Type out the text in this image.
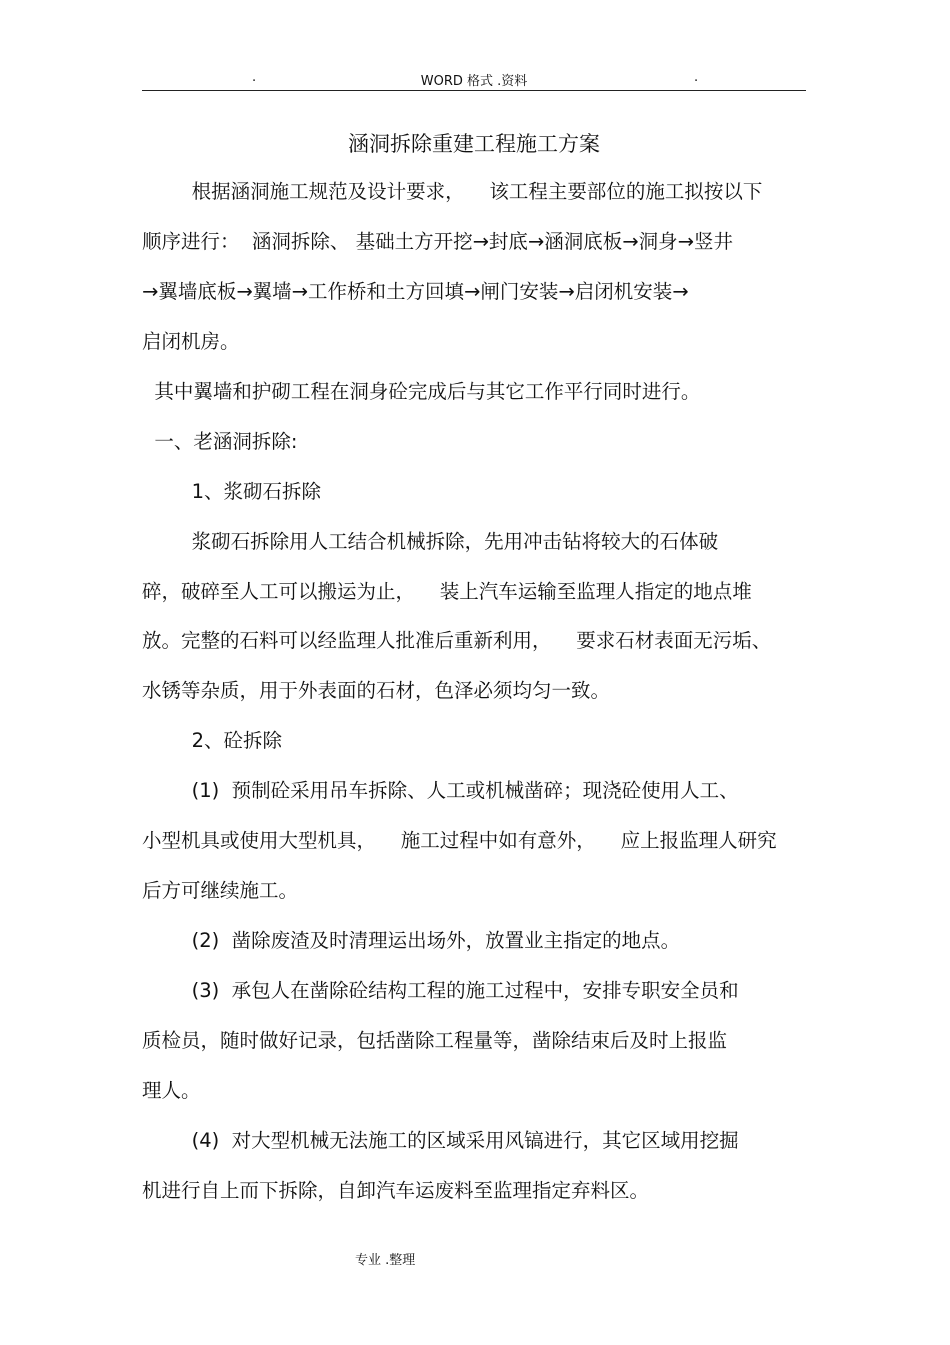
.	WORD 格式 .资料	.
涵洞拆除重建工程施工方案
根据涵洞施工规范及设计要求，    该工程主要部位的施工拟按以下
顺序进行：  涵洞拆除、 基础土方开挖→封底→涵洞底板→洞身→竖井
→翼墙底板→翼墙→工作桥和土方回填→闸门安装→启闭机安装→
启闭机房。
其中翼墙和护砌工程在洞身砼完成后与其它工作平行同时进行。
一、老涵洞拆除:
1、浆砌石拆除
浆砌石拆除用人工结合机械拆除，先用冲击钻将较大的石体破
碎，破碎至人工可以搬运为止，    装上汽车运输至监理人指定的地点堆
放。完整的石料可以经监理人批准后重新利用，    要求石材表面无污垢、
水锈等杂质，用于外表面的石材，色泽必须均匀一致。
2、砼拆除
(1)  预制砼采用吊车拆除、人工或机械凿碎；现浇砼使用人工、
小型机具或使用大型机具，    施工过程中如有意外，    应上报监理人研究
后方可继续施工。
(2)  凿除废渣及时清理运出场外，放置业主指定的地点。
(3)  承包人在凿除砼结构工程的施工过程中，安排专职安全员和
质检员，随时做好记录，包括凿除工程量等，凿除结束后及时上报监
理人。
(4)  对大型机械无法施工的区域采用风镐进行，其它区域用挖掘
机进行自上而下拆除，自卸汽车运废料至监理指定弃料区。
专业 .整理
